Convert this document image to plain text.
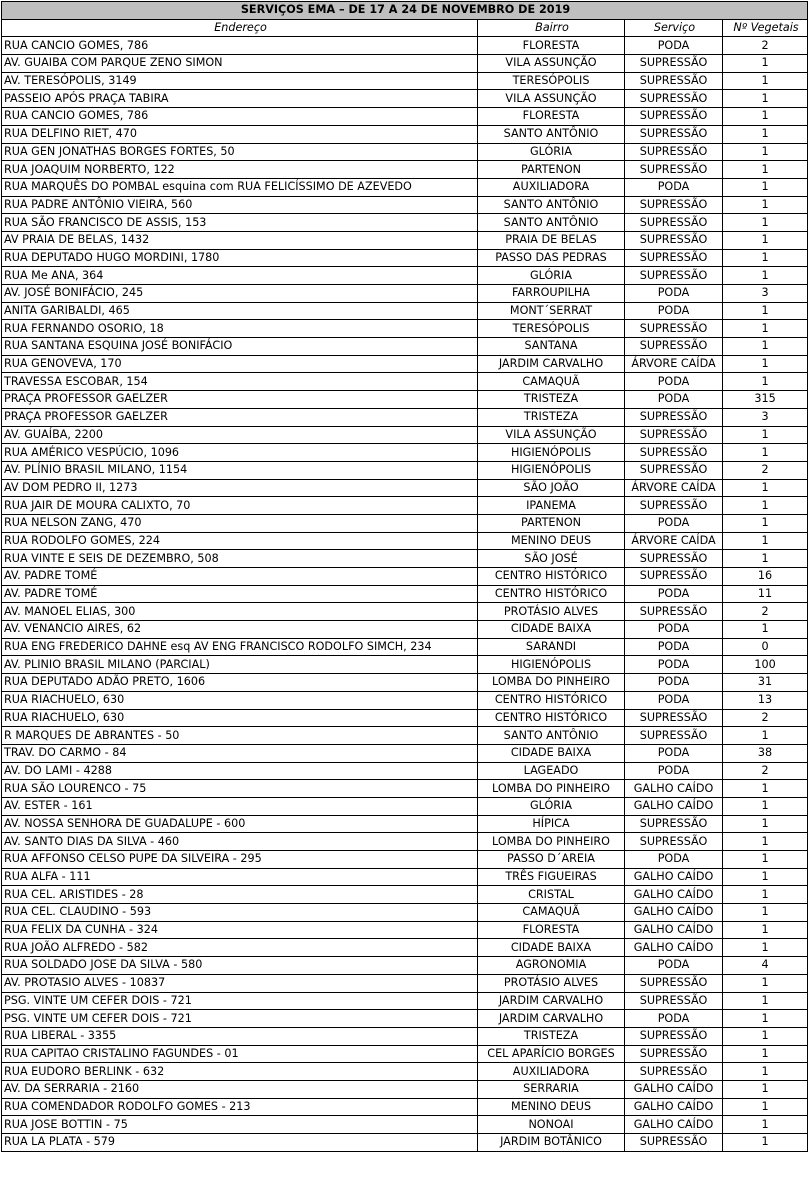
SERVIÇOS EMA – DE 17 A 24 DE NOVEMBRO DE 2019			
Endereço	Bairro	Serviço	Nº Vegetais
RUA CANCIO GOMES, 786	FLORESTA	PODA	2
AV. GUAIBA COM PARQUE ZENO SIMON	VILA ASSUNÇÃO	SUPRESSÃO	1
AV. TERESÓPOLIS, 3149	TERESÓPOLIS	SUPRESSÃO	1
PASSEIO APÓS PRAÇA TABIRA	VILA ASSUNÇÃO	SUPRESSÃO	1
RUA CANCIO GOMES, 786	FLORESTA	SUPRESSÃO	1
RUA DELFINO RIET, 470	SANTO ANTÔNIO	SUPRESSÃO	1
RUA GEN JONATHAS BORGES FORTES, 50	GLÓRIA	SUPRESSÃO	1
RUA JOAQUIM NORBERTO, 122	PARTENON	SUPRESSÃO	1
RUA MARQUÊS DO POMBAL esquina com RUA FELICÍSSIMO DE AZEVEDO	AUXILIADORA	PODA	1
RUA PADRE ANTÔNIO VIEIRA, 560	SANTO ANTÔNIO	SUPRESSÃO	1
RUA SÃO FRANCISCO DE ASSIS, 153	SANTO ANTÔNIO	SUPRESSÃO	1
AV PRAIA DE BELAS, 1432	PRAIA DE BELAS	SUPRESSÃO	1
RUA DEPUTADO HUGO MORDINI, 1780	PASSO DAS PEDRAS	SUPRESSÃO	1
RUA Me ANA, 364	GLÓRIA	SUPRESSÃO	1
AV. JOSÉ BONIFÁCIO, 245	FARROUPILHA	PODA	3
ANITA GARIBALDI, 465	MONT´SERRAT	PODA	1
RUA FERNANDO OSORIO, 18	TERESÓPOLIS	SUPRESSÃO	1
RUA SANTANA ESQUINA JOSÉ BONIFÁCIO	SANTANA	SUPRESSÃO	1
RUA GENOVEVA, 170	JARDIM CARVALHO	ÁRVORE CAÍDA	1
TRAVESSA ESCOBAR, 154	CAMAQUÃ	PODA	1
PRAÇA PROFESSOR GAELZER	TRISTEZA	PODA	315
PRAÇA PROFESSOR GAELZER	TRISTEZA	SUPRESSÃO	3
AV. GUAÍBA, 2200	VILA ASSUNÇÃO	SUPRESSÃO	1
RUA AMÉRICO VESPÚCIO, 1096	HIGIENÓPOLIS	SUPRESSÃO	1
AV. PLÍNIO BRASIL MILANO, 1154	HIGIENÓPOLIS	SUPRESSÃO	2
AV DOM PEDRO II, 1273	SÃO JOÃO	ÁRVORE CAÍDA	1
RUA JAIR DE MOURA CALIXTO, 70	IPANEMA	SUPRESSÃO	1
RUA NELSON ZANG, 470	PARTENON	PODA	1
RUA RODOLFO GOMES, 224	MENINO DEUS	ÁRVORE CAÍDA	1
RUA VINTE E SEIS DE DEZEMBRO, 508	SÃO JOSÉ	SUPRESSÃO	1
AV. PADRE TOMÉ	CENTRO HISTÓRICO	SUPRESSÃO	16
AV. PADRE TOMÉ	CENTRO HISTÓRICO	PODA	11
AV. MANOEL ELIAS, 300	PROTÁSIO ALVES	SUPRESSÃO	2
AV. VENANCIO AIRES, 62	CIDADE BAIXA	PODA	1
RUA ENG FREDERICO DAHNE esq AV ENG FRANCISCO RODOLFO SIMCH, 234	SARANDI	PODA	0
AV. PLINIO BRASIL MILANO (PARCIAL)	HIGIENÓPOLIS	PODA	100
RUA DEPUTADO ADÃO PRETO, 1606	LOMBA DO PINHEIRO	PODA	31
RUA RIACHUELO, 630	CENTRO HISTÓRICO	PODA	13
RUA RIACHUELO, 630	CENTRO HISTÓRICO	SUPRESSÃO	2
R MARQUES DE ABRANTES - 50	SANTO ANTÔNIO	SUPRESSÃO	1
TRAV. DO CARMO - 84	CIDADE BAIXA	PODA	38
AV. DO LAMI - 4288	LAGEADO	PODA	2
RUA SÃO LOURENCO - 75	LOMBA DO PINHEIRO	GALHO CAÍDO	1
AV. ESTER - 161	GLÓRIA	GALHO CAÍDO	1
AV. NOSSA SENHORA DE GUADALUPE - 600	HÍPICA	SUPRESSÃO	1
AV. SANTO DIAS DA SILVA - 460	LOMBA DO PINHEIRO	SUPRESSÃO	1
RUA AFFONSO CELSO PUPE DA SILVEIRA - 295	PASSO D´AREIA	PODA	1
RUA ALFA - 111	TRÊS FIGUEIRAS	GALHO CAÍDO	1
RUA CEL. ARISTIDES - 28	CRISTAL	GALHO CAÍDO	1
RUA CEL. CLAUDINO - 593	CAMAQUÃ	GALHO CAÍDO	1
RUA FELIX DA CUNHA - 324	FLORESTA	GALHO CAÍDO	1
RUA JOÃO ALFREDO - 582	CIDADE BAIXA	GALHO CAÍDO	1
RUA SOLDADO JOSE DA SILVA - 580	AGRONOMIA	PODA	4
AV. PROTASIO ALVES - 10837	PROTÁSIO ALVES	SUPRESSÃO	1
PSG. VINTE UM CEFER DOIS - 721	JARDIM CARVALHO	SUPRESSÃO	1
PSG. VINTE UM CEFER DOIS - 721	JARDIM CARVALHO	PODA	1
RUA LIBERAL - 3355	TRISTEZA	SUPRESSÃO	1
RUA CAPITAO CRISTALINO FAGUNDES - 01	CEL APARÍCIO BORGES	SUPRESSÃO	1
RUA EUDORO BERLINK - 632	AUXILIADORA	SUPRESSÃO	1
AV. DA SERRARIA - 2160	SERRARIA	GALHO CAÍDO	1
RUA COMENDADOR RODOLFO GOMES - 213	MENINO DEUS	GALHO CAÍDO	1
RUA JOSE BOTTIN - 75	NONOAI	GALHO CAÍDO	1
RUA LA PLATA - 579	JARDIM BOTÂNICO	SUPRESSÃO	1
